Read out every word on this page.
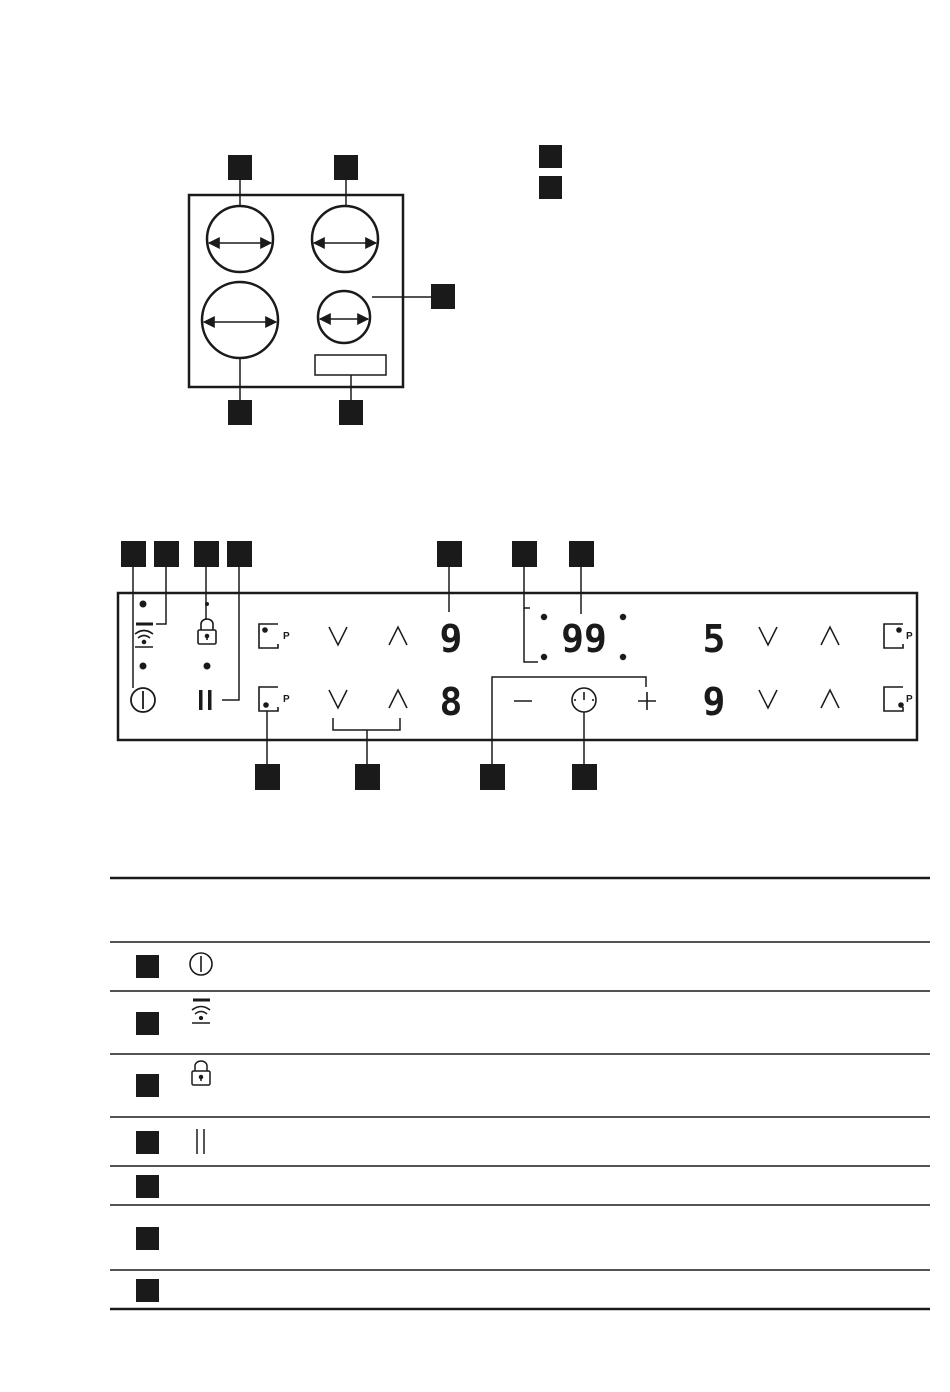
P
P
P
P
9
8
99	5
9
